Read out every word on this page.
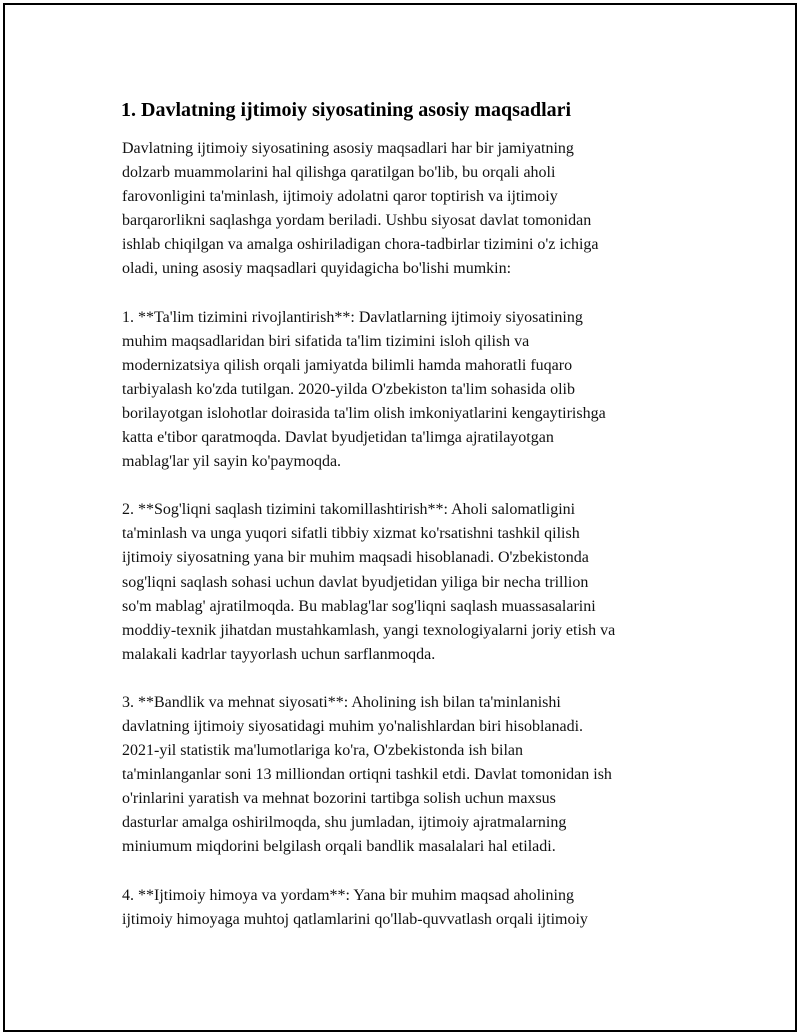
1. Davlatning ijtimoiy siyosatining asosiy maqsadlari

Davlatning ijtimoiy siyosatining asosiy maqsadlari har bir jamiyatning
dolzarb muammolarini hal qilishga qaratilgan bo'lib, bu orqali aholi
farovonligini ta'minlash, ijtimoiy adolatni qaror toptirish va ijtimoiy
barqarorlikni saqlashga yordam beriladi. Ushbu siyosat davlat tomonidan
ishlab chiqilgan va amalga oshiriladigan chora-tadbirlar tizimini o'z ichiga
oladi, uning asosiy maqsadlari quyidagicha bo'lishi mumkin:

1. **Ta'lim tizimini rivojlantirish**: Davlatlarning ijtimoiy siyosatining
muhim maqsadlaridan biri sifatida ta'lim tizimini isloh qilish va
modernizatsiya qilish orqali jamiyatda bilimli hamda mahoratli fuqaro
tarbiyalash ko'zda tutilgan. 2020-yilda O'zbekiston ta'lim sohasida olib
borilayotgan islohotlar doirasida ta'lim olish imkoniyatlarini kengaytirishga
katta e'tibor qaratmoqda. Davlat byudjetidan ta'limga ajratilayotgan
mablag'lar yil sayin ko'paymoqda.

2. **Sog'liqni saqlash tizimini takomillashtirish**: Aholi salomatligini
ta'minlash va unga yuqori sifatli tibbiy xizmat ko'rsatishni tashkil qilish
ijtimoiy siyosatning yana bir muhim maqsadi hisoblanadi. O'zbekistonda
sog'liqni saqlash sohasi uchun davlat byudjetidan yiliga bir necha trillion
so'm mablag' ajratilmoqda. Bu mablag'lar sog'liqni saqlash muassasalarini
moddiy-texnik jihatdan mustahkamlash, yangi texnologiyalarni joriy etish va
malakali kadrlar tayyorlash uchun sarflanmoqda.

3. **Bandlik va mehnat siyosati**: Aholining ish bilan ta'minlanishi
davlatning ijtimoiy siyosatidagi muhim yo'nalishlardan biri hisoblanadi.
2021-yil statistik ma'lumotlariga ko'ra, O'zbekistonda ish bilan
ta'minlanganlar soni 13 milliondan ortiqni tashkil etdi. Davlat tomonidan ish
o'rinlarini yaratish va mehnat bozorini tartibga solish uchun maxsus
dasturlar amalga oshirilmoqda, shu jumladan, ijtimoiy ajratmalarning
miniumum miqdorini belgilash orqali bandlik masalalari hal etiladi.

4. **Ijtimoiy himoya va yordam**: Yana bir muhim maqsad aholining
ijtimoiy himoyaga muhtoj qatlamlarini qo'llab-quvvatlash orqali ijtimoiy
